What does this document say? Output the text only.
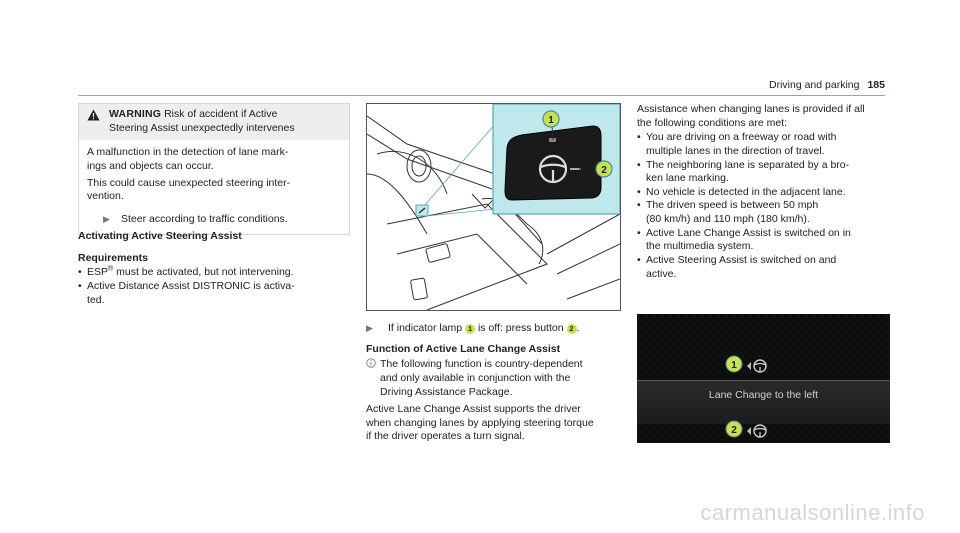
Driving and parking 185
WARNING Risk of accident if Active
Steering Assist unexpectedly intervenes
A malfunction in the detection of lane mark-
ings and objects can occur.
This could cause unexpected steering inter-
vention.
▶	Steer according to traffic conditions.
Activating Active Steering Assist
Requirements
• ESP® must be activated, but not intervening.
• Active Distance Assist DISTRONIC is activa-
ted.
1
2
▶	If indicator lamp 1 is off: press button 2 .
Function of Active Lane Change Assist
The following function is country-dependent
and only available in conjunction with the
Driving Assistance Package.
Active Lane Change Assist supports the driver
when changing lanes by applying steering torque
if the driver operates a turn signal.
Assistance when changing lanes is provided if all
the following conditions are met:
• You are driving on a freeway or road with
multiple lanes in the direction of travel.
• The neighboring lane is separated by a bro-
ken lane marking.
• No vehicle is detected in the adjacent lane.
• The driven speed is between 50 mph
(80 km/h) and 110 mph (180 km/h).
• Active Lane Change Assist is switched on in
the multimedia system.
• Active Steering Assist is switched on and
active.
Lane Change to the left
1
2
carmanualsonline.info
